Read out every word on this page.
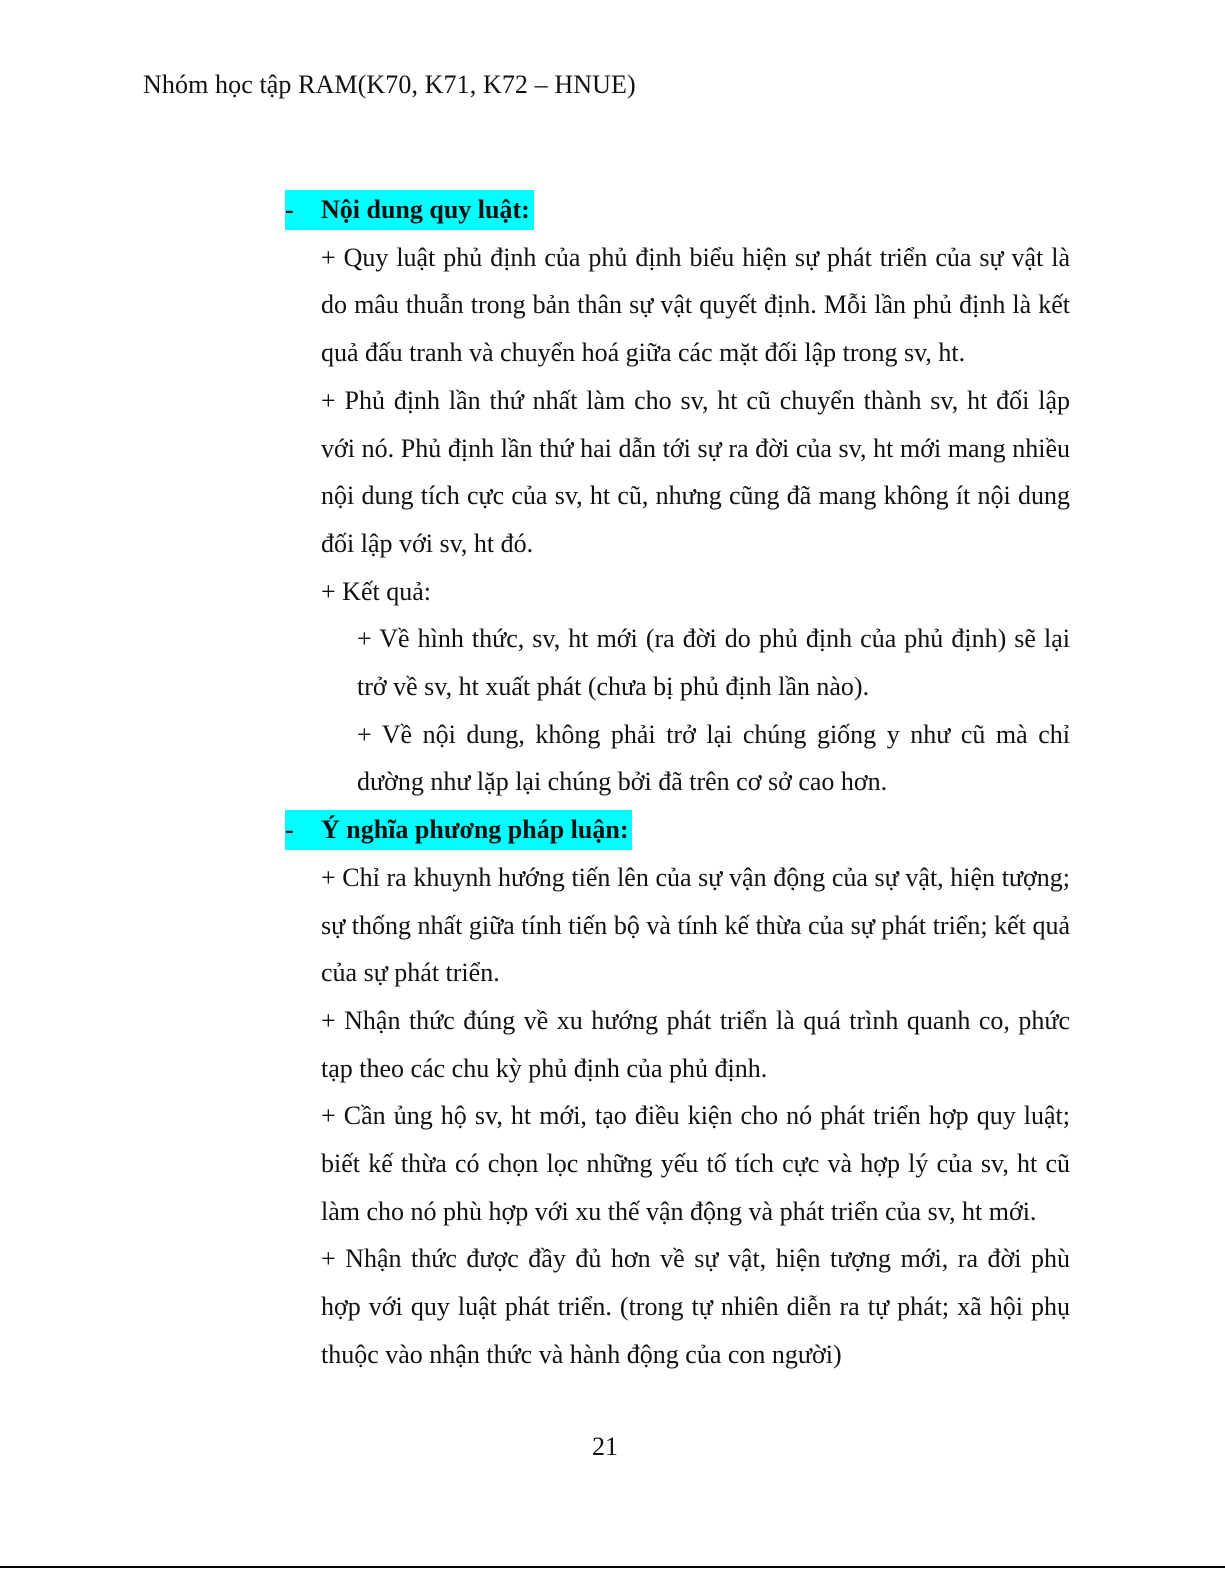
Nhóm học tập RAM(K70, K71, K72 – HNUE)
- Nội dung quy luật:

+ Quy luật phủ định của phủ định biểu hiện sự phát triển của sự vật là do mâu thuẫn trong bản thân sự vật quyết định. Mỗi lần phủ định là kết quả đấu tranh và chuyển hoá giữa các mặt đối lập trong sv, ht.

+ Phủ định lần thứ nhất làm cho sv, ht cũ chuyển thành sv, ht đối lập với nó. Phủ định lần thứ hai dẫn tới sự ra đời của sv, ht mới mang nhiều nội dung tích cực của sv, ht cũ, nhưng cũng đã mang không ít nội dung đối lập với sv, ht đó.

+ Kết quả:

+ Về hình thức, sv, ht mới (ra đời do phủ định của phủ định) sẽ lại trở về sv, ht xuất phát (chưa bị phủ định lần nào).

+ Về nội dung, không phải trở lại chúng giống y như cũ mà chỉ dường như lặp lại chúng bởi đã trên cơ sở cao hơn.

- Ý nghĩa phương pháp luận:

+ Chỉ ra khuynh hướng tiến lên của sự vận động của sự vật, hiện tượng; sự thống nhất giữa tính tiến bộ và tính kế thừa của sự phát triển; kết quả của sự phát triển.

+ Nhận thức đúng về xu hướng phát triển là quá trình quanh co, phức tạp theo các chu kỳ phủ định của phủ định.

+ Cần ủng hộ sv, ht mới, tạo điều kiện cho nó phát triển hợp quy luật; biết kế thừa có chọn lọc những yếu tố tích cực và hợp lý của sv, ht cũ làm cho nó phù hợp với xu thế vận động và phát triển của sv, ht mới.

+ Nhận thức được đầy đủ hơn về sự vật, hiện tượng mới, ra đời phù hợp với quy luật phát triển. (trong tự nhiên diễn ra tự phát; xã hội phụ thuộc vào nhận thức và hành động của con người)

21
